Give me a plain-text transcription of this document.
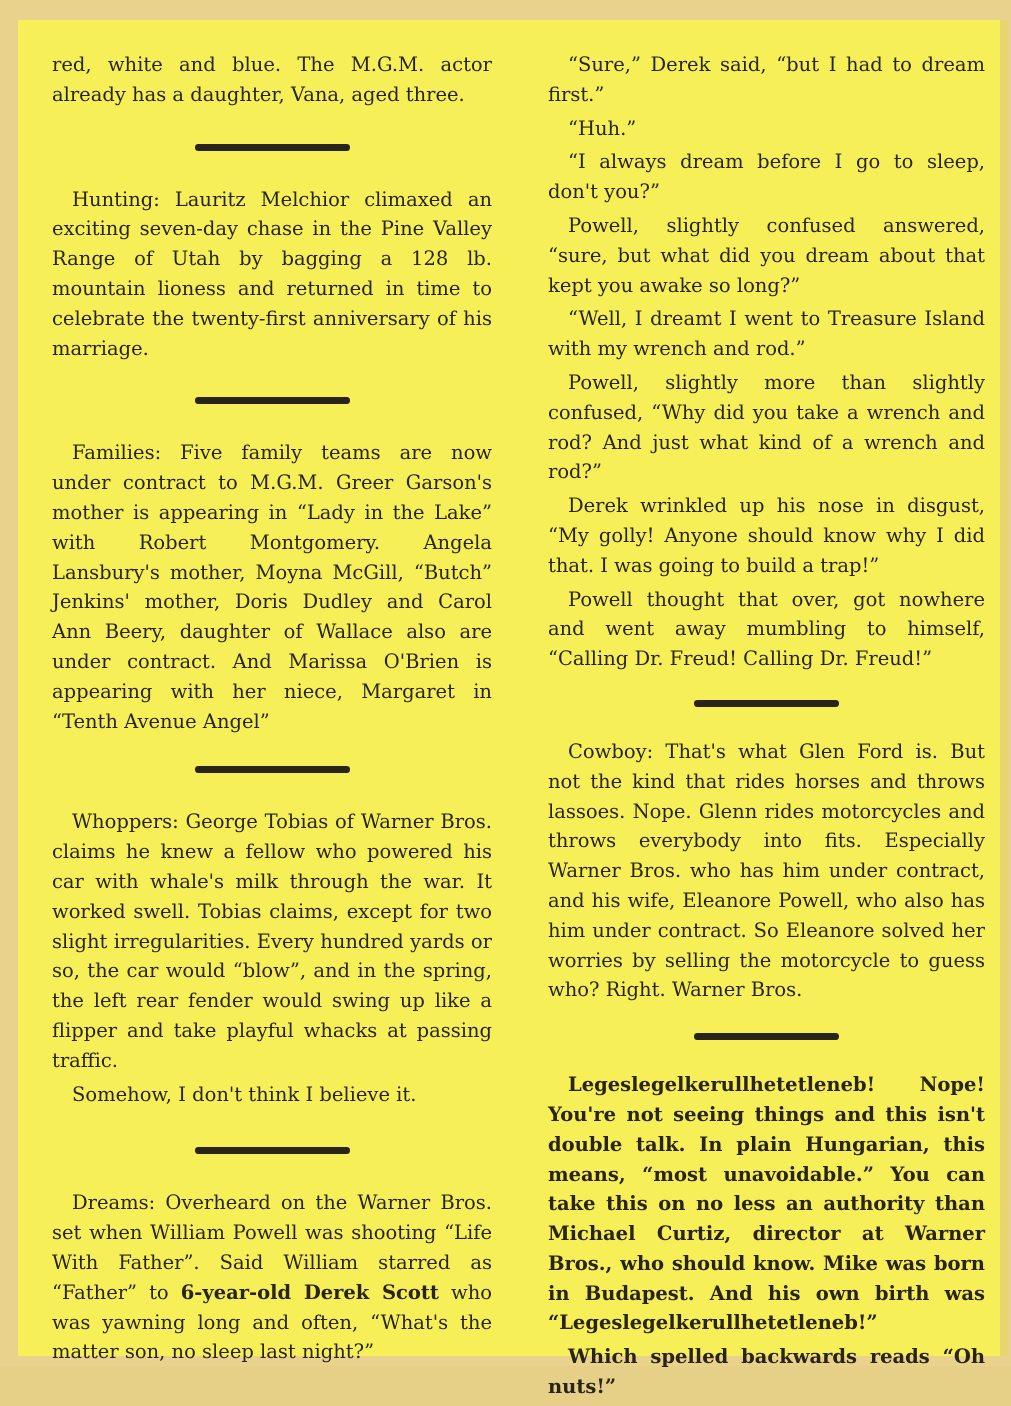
red, white and blue. The M.G.M. actor already has a daughter, Vana, aged three.

Hunting: Lauritz Melchior climaxed an exciting seven-day chase in the Pine Valley Range of Utah by bagging a 128 lb. mountain lioness and returned in time to celebrate the twenty-first anniversary of his marriage.

Families: Five family teams are now under contract to M.G.M. Greer Garson's mother is appearing in “Lady in the Lake” with Robert Montgomery. Angela Lansbury's mother, Moyna McGill, “Butch” Jenkins' mother, Doris Dudley and Carol Ann Beery, daughter of Wallace also are under contract. And Marissa O'Brien is appearing with her niece, Margaret in “Tenth Avenue Angel”

Whoppers: George Tobias of Warner Bros. claims he knew a fellow who powered his car with whale's milk through the war. It worked swell. Tobias claims, except for two slight irregularities. Every hundred yards or so, the car would “blow”, and in the spring, the left rear fender would swing up like a flipper and take playful whacks at passing traffic.

Somehow, I don't think I believe it.

Dreams: Overheard on the Warner Bros. set when William Powell was shooting “Life With Father”. Said William starred as “Father” to 6-year-old Derek Scott who was yawning long and often, “What's the matter son, no sleep last night?”

“Sure,” Derek said, “but I had to dream first.”

“Huh.”

“I always dream before I go to sleep, don't you?”

Powell, slightly confused answered, “sure, but what did you dream about that kept you awake so long?”

“Well, I dreamt I went to Treasure Island with my wrench and rod.”

Powell, slightly more than slightly confused, “Why did you take a wrench and rod? And just what kind of a wrench and rod?”

Derek wrinkled up his nose in disgust, “My golly! Anyone should know why I did that. I was going to build a trap!”

Powell thought that over, got nowhere and went away mumbling to himself, “Calling Dr. Freud! Calling Dr. Freud!”

Cowboy: That's what Glen Ford is. But not the kind that rides horses and throws lassoes. Nope. Glenn rides motorcycles and throws everybody into fits. Especially Warner Bros. who has him under contract, and his wife, Eleanore Powell, who also has him under contract. So Eleanore solved her worries by selling the motorcycle to guess who? Right. Warner Bros.

Legeslegelkerullhetetleneb! Nope! You're not seeing things and this isn't double talk. In plain Hungarian, this means, “most unavoidable.” You can take this on no less an authority than Michael Curtiz, director at Warner Bros., who should know. Mike was born in Budapest. And his own birth was “Legeslegelkerullhetetleneb!”

Which spelled backwards reads “Oh nuts!”
